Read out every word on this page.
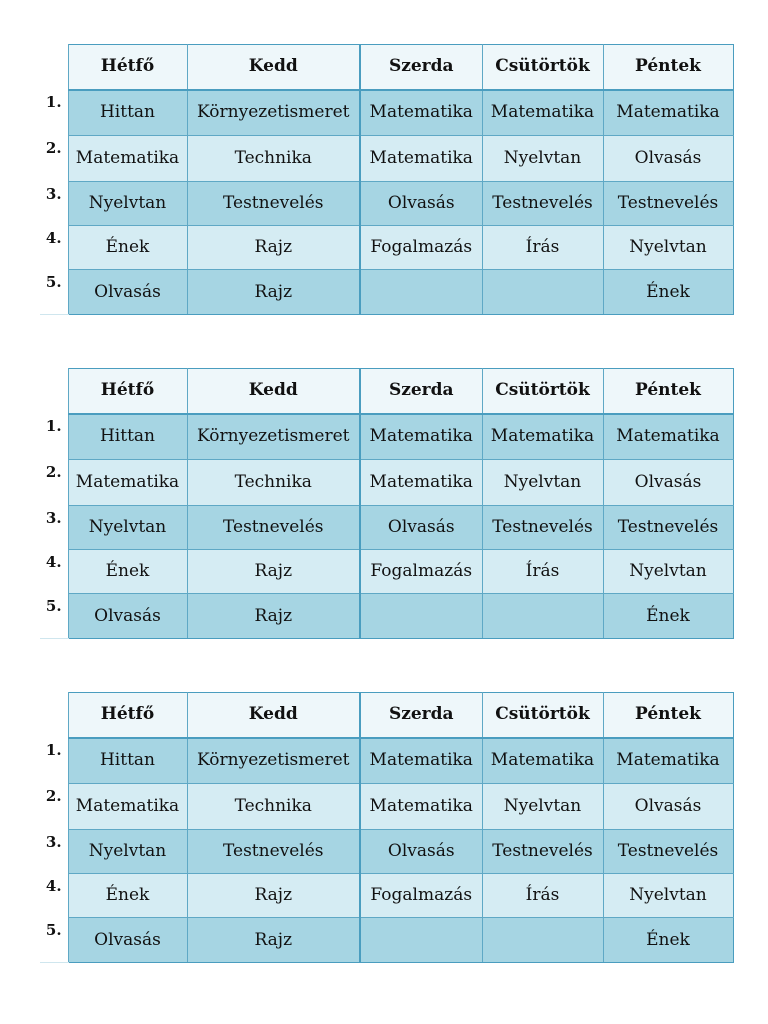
	Hétfő	Kedd	Szerda	Csütörtök	Péntek
1.	Hittan	Környezetismeret	Matematika	Matematika	Matematika
2.	Matematika	Technika	Matematika	Nyelvtan	Olvasás
3.	Nyelvtan	Testnevelés	Olvasás	Testnevelés	Testnevelés
4.	Ének	Rajz	Fogalmazás	Írás	Nyelvtan
5.	Olvasás	Rajz			Ének
	Hétfő	Kedd	Szerda	Csütörtök	Péntek
1.	Hittan	Környezetismeret	Matematika	Matematika	Matematika
2.	Matematika	Technika	Matematika	Nyelvtan	Olvasás
3.	Nyelvtan	Testnevelés	Olvasás	Testnevelés	Testnevelés
4.	Ének	Rajz	Fogalmazás	Írás	Nyelvtan
5.	Olvasás	Rajz			Ének
	Hétfő	Kedd	Szerda	Csütörtök	Péntek
1.	Hittan	Környezetismeret	Matematika	Matematika	Matematika
2.	Matematika	Technika	Matematika	Nyelvtan	Olvasás
3.	Nyelvtan	Testnevelés	Olvasás	Testnevelés	Testnevelés
4.	Ének	Rajz	Fogalmazás	Írás	Nyelvtan
5.	Olvasás	Rajz			Ének
